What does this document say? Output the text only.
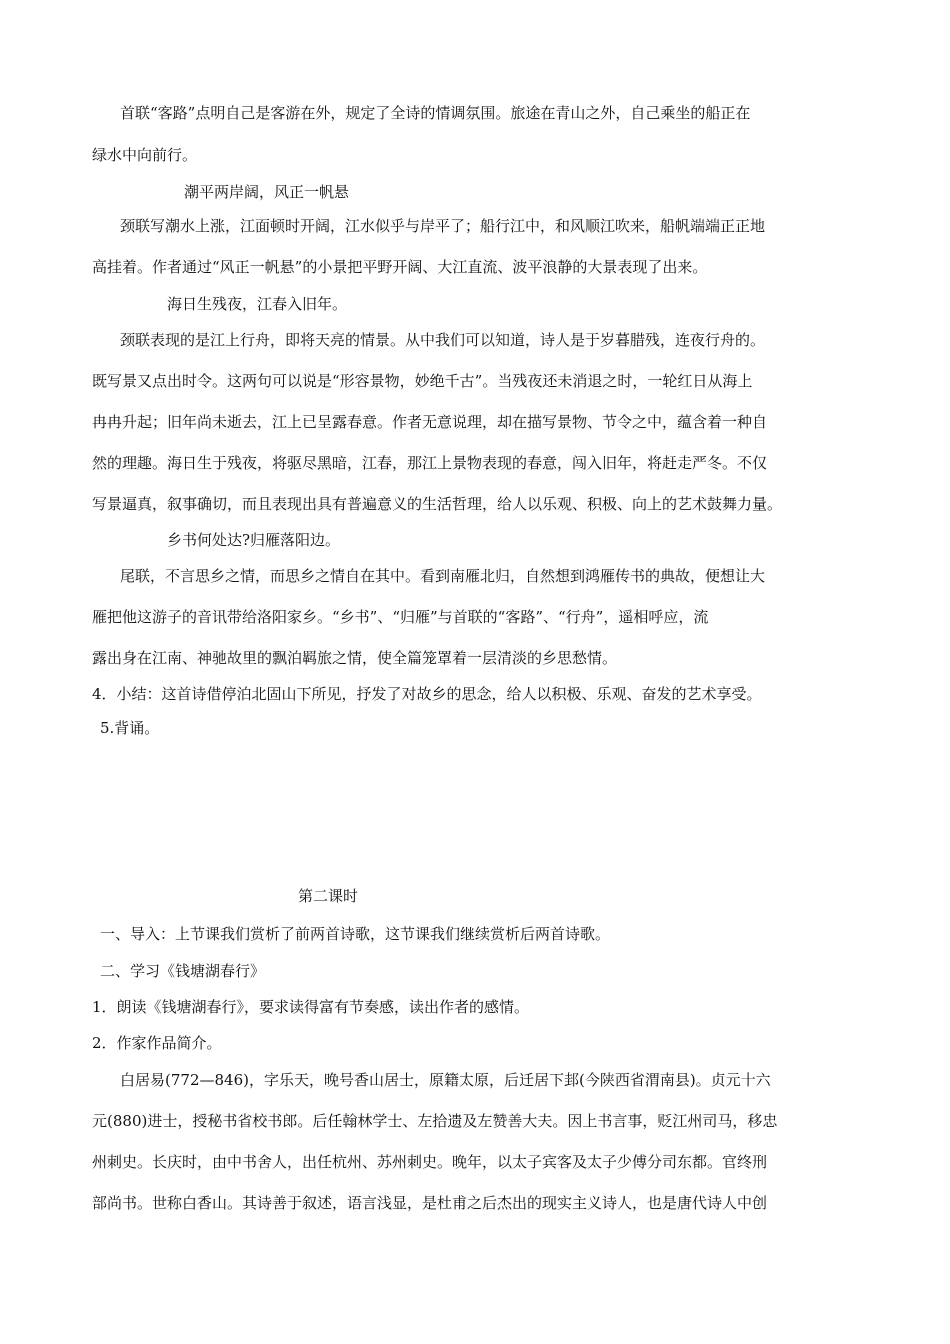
首联“客路”点明自己是客游在外，规定了全诗的情调氛围。旅途在青山之外，自己乘坐的船正在
绿水中向前行。
潮平两岸阔，风正一帆悬
颈联写潮水上涨，江面顿时开阔，江水似乎与岸平了；船行江中，和风顺江吹来，船帆端端正正地
高挂着。作者通过“风正一帆悬”的小景把平野开阔、大江直流、波平浪静的大景表现了出来。
海日生残夜，江春入旧年。
颈联表现的是江上行舟，即将天亮的情景。从中我们可以知道，诗人是于岁暮腊残，连夜行舟的。
既写景又点出时令。这两句可以说是“形容景物，妙绝千古”。当残夜还未消退之时，一轮红日从海上
冉冉升起；旧年尚未逝去，江上已呈露春意。作者无意说理，却在描写景物、节令之中，蕴含着一种自
然的理趣。海日生于残夜，将驱尽黑暗，江春，那江上景物表现的春意，闯入旧年，将赶走严冬。不仅
写景逼真，叙事确切，而且表现出具有普遍意义的生活哲理，给人以乐观、积极、向上的艺术鼓舞力量。
乡书何处达?归雁落阳边。
尾联，不言思乡之情，而思乡之情自在其中。看到南雁北归，自然想到鸿雁传书的典故，便想让大
雁把他这游子的音讯带给洛阳家乡。“乡书”、“归雁”与首联的“客路”、“行舟”，遥相呼应，流
露出身在江南、神驰故里的飘泊羁旅之情，使全篇笼罩着一层清淡的乡思愁情。
4．小结：这首诗借停泊北固山下所见，抒发了对故乡的思念，给人以积极、乐观、奋发的艺术享受。
5.背诵。
第二课时
一、导入：上节课我们赏析了前两首诗歌，这节课我们继续赏析后两首诗歌。
二、学习《钱塘湖春行》
1．朗读《钱塘湖春行》，要求读得富有节奏感，读出作者的感情。
2．作家作品简介。
白居易(772—846)，字乐天，晚号香山居士，原籍太原，后迁居下邽(今陕西省渭南县)。贞元十六
元(880)进士，授秘书省校书郎。后任翰林学士、左拾遗及左赞善大夫。因上书言事，贬江州司马，移忠
州刺史。长庆时，由中书舍人，出任杭州、苏州刺史。晚年，以太子宾客及太子少傅分司东都。官终刑
部尚书。世称白香山。其诗善于叙述，语言浅显，是杜甫之后杰出的现实主义诗人，也是唐代诗人中创
